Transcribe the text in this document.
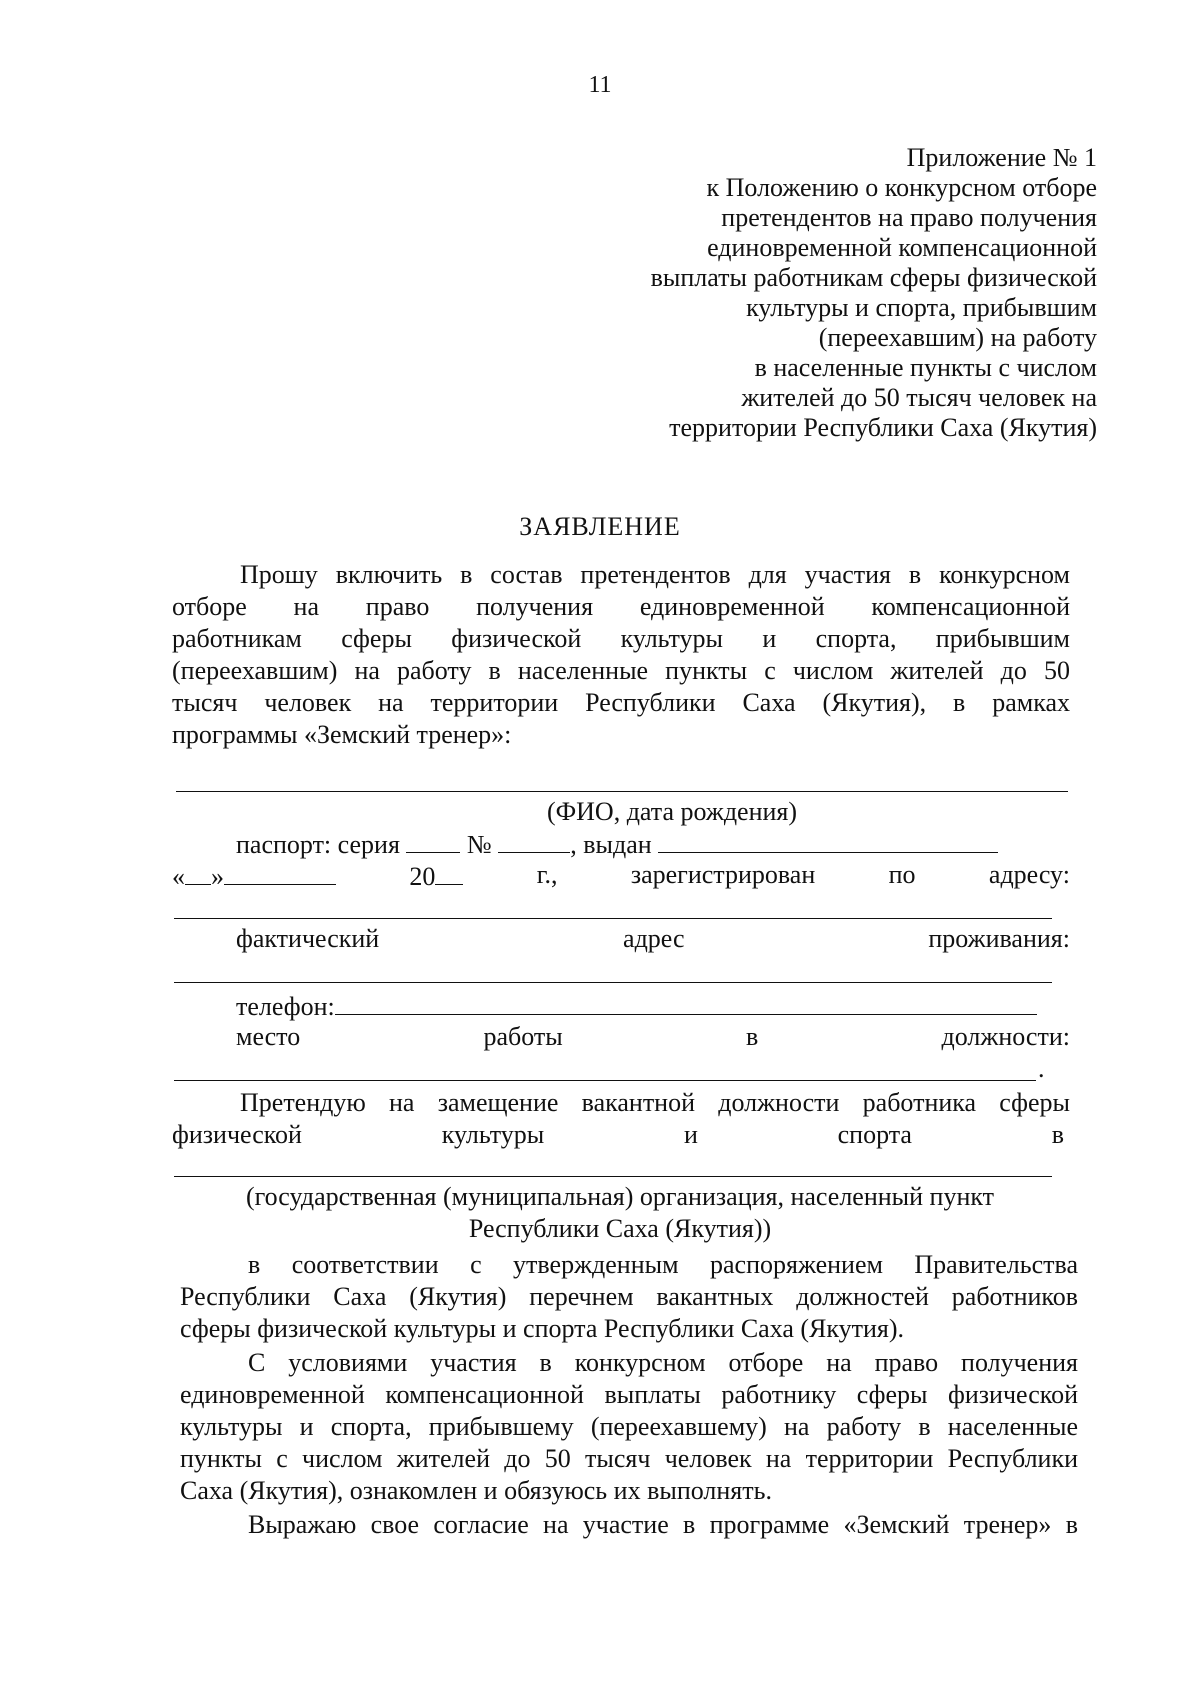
11
Приложение № 1
к Положению о конкурсном отборе
претендентов на право получения
единовременной компенсационной
выплаты работникам сферы физической
культуры и спорта, прибывшим
(переехавшим) на работу
в населенные пункты с числом
жителей до 50 тысяч человек на
территории Республики Саха (Якутия)
ЗАЯВЛЕНИЕ
Прошу включить в состав претендентов для участия в конкурсном
отборе на право получения единовременной компенсационной
работникам сферы физической культуры и спорта, прибывшим
(переехавшим) на работу в населенные пункты с числом жителей до 50
тысяч человек на территории Республики Саха (Якутия), в рамках
программы «Земский тренер»:
(ФИО, дата рождения)
паспорт: серия	№	, выдан
« »	20	г.,	зарегистрирован	по	адресу:
фактический	адрес	проживания:
телефон:
место	работы	в	должности:
.
Претендую на замещение вакантной должности работника сферы
физической	культуры	и	спорта	в
(государственная (муниципальная) организация, населенный пункт
Республики Саха (Якутия))
в соответствии с утвержденным распоряжением Правительства
Республики Саха (Якутия) перечнем вакантных должностей работников
сферы физической культуры и спорта Республики Саха (Якутия).
С условиями участия в конкурсном отборе на право получения
единовременной компенсационной выплаты работнику сферы физической
культуры и спорта, прибывшему (переехавшему) на работу в населенные
пункты с числом жителей до 50 тысяч человек на территории Республики
Саха (Якутия), ознакомлен и обязуюсь их выполнять.
Выражаю свое согласие на участие в программе «Земский тренер» в
